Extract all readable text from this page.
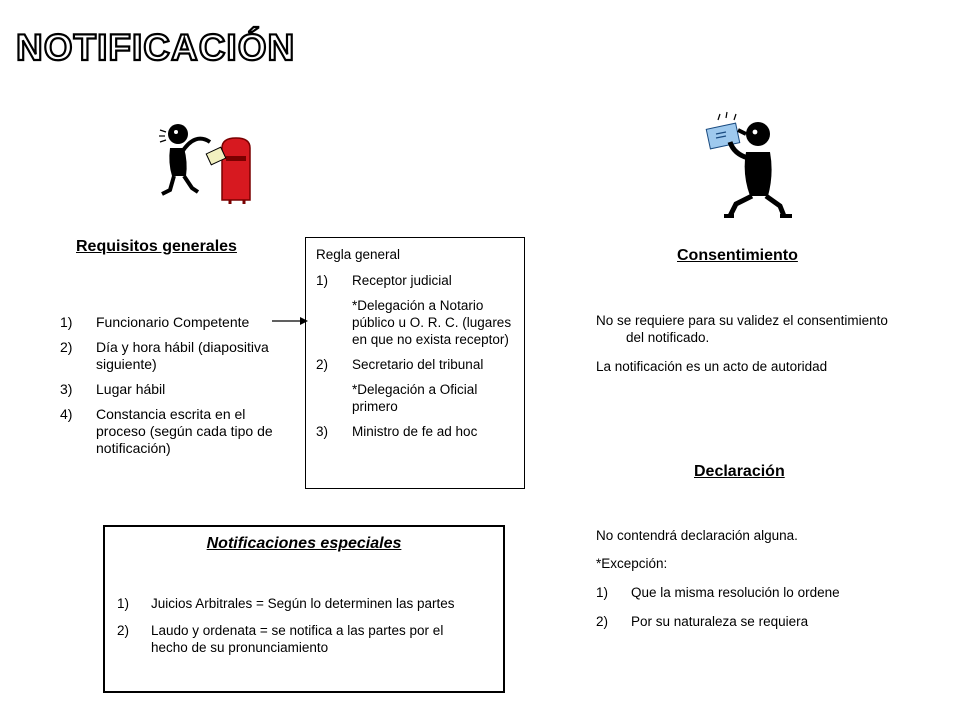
NOTIFICACIÓN
Requisitos generales
1) Funcionario Competente
2) Día y hora hábil (diapositiva siguiente)
3) Lugar hábil
4) Constancia escrita en el proceso (según cada tipo de notificación)
Regla general
1) Receptor judicial
*Delegación a Notario público u O. R. C. (lugares en que no exista receptor)
2) Secretario del tribunal
*Delegación a Oficial primero
3) Ministro de fe ad hoc
Consentimiento
No se requiere para su validez el consentimiento del notificado.
La notificación es un acto de autoridad
Declaración
No contendrá declaración alguna.
*Excepción:
1) Que la misma resolución lo ordene
2) Por su naturaleza se requiera
Notificaciones especiales
1) Juicios Arbitrales = Según lo determinen las partes
2) Laudo y ordenata = se notifica a las partes por el hecho de su pronunciamiento
